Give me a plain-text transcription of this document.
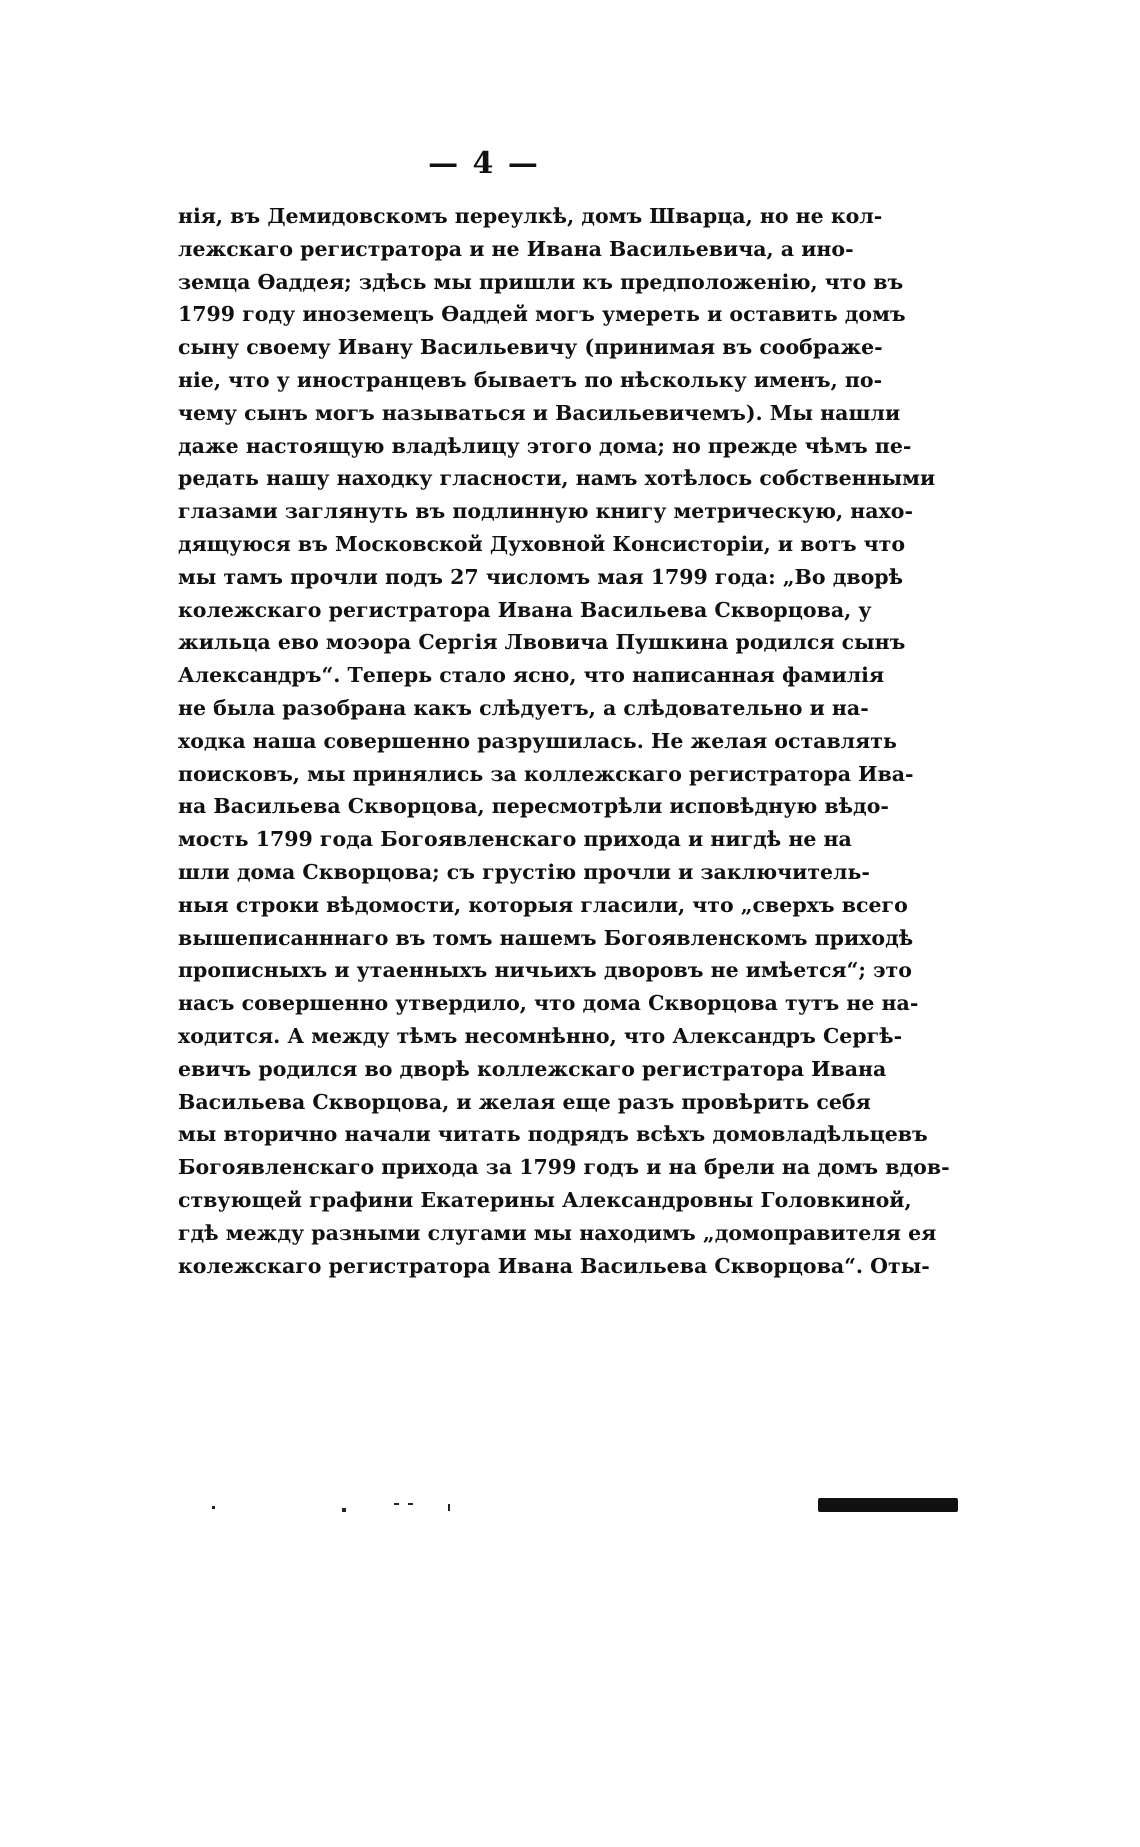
— 4 —
нія, въ Демидовскомъ переулкѣ, домъ Шварца, но не кол-
лежскаго регистратора и не Ивана Васильевича, а ино-
земца Ѳаддея; здѣсь мы пришли къ предположенію, что въ
1799 году иноземецъ Ѳаддей могъ умереть и оставить домъ
сыну своему Ивану Васильевичу (принимая въ соображе-
ніе, что у иностранцевъ бываетъ по нѣскольку именъ, по-
чему сынъ могъ называться и Васильевичемъ). Мы нашли
даже настоящую владѣлицу этого дома; но прежде чѣмъ пе-
редать нашу находку гласности, намъ хотѣлось собственными
глазами заглянуть въ подлинную книгу метрическую, нахо-
дящуюся въ Московской Духовной Консисторіи, и вотъ что
мы тамъ прочли подъ 27 числомъ мая 1799 года: „Во дворѣ
колежскаго регистратора Ивана Васильева Скворцова, у
жильца ево моэора Сергія Лвовича Пушкина родился сынъ
Александръ“. Теперь стало ясно, что написанная фамилія
не была разобрана какъ слѣдуетъ, а слѣдовательно и на-
ходка наша совершенно разрушилась. Не желая оставлять
поисковъ, мы принялись за коллежскаго регистратора Ива-
на Васильева Скворцова, пересмотрѣли исповѣдную вѣдо-
мость 1799 года Богоявленскаго прихода и нигдѣ не на
шли дома Скворцова; съ грустію прочли и заключитель-
ныя строки вѣдомости, которыя гласили, что „сверхъ всего
вышеписанннаго въ томъ нашемъ Богоявленскомъ приходѣ
прописныхъ и утаенныхъ ничьихъ дворовъ не имѣется“; это
насъ совершенно утвердило, что дома Скворцова тутъ не на-
ходится. А между тѣмъ несомнѣнно, что Александръ Сергѣ-
евичъ родился во дворѣ коллежскаго регистратора Ивана
Васильева Скворцова, и желая еще разъ провѣрить себя
мы вторично начали читать подрядъ всѣхъ домовладѣльцевъ
Богоявленскаго прихода за 1799 годъ и на брели на домъ вдов-
ствующей графини Екатерины Александровны Головкиной,
гдѣ между разными слугами мы находимъ „домоправителя ея
колежскаго регистратора Ивана Васильева Скворцова“. Оты-
